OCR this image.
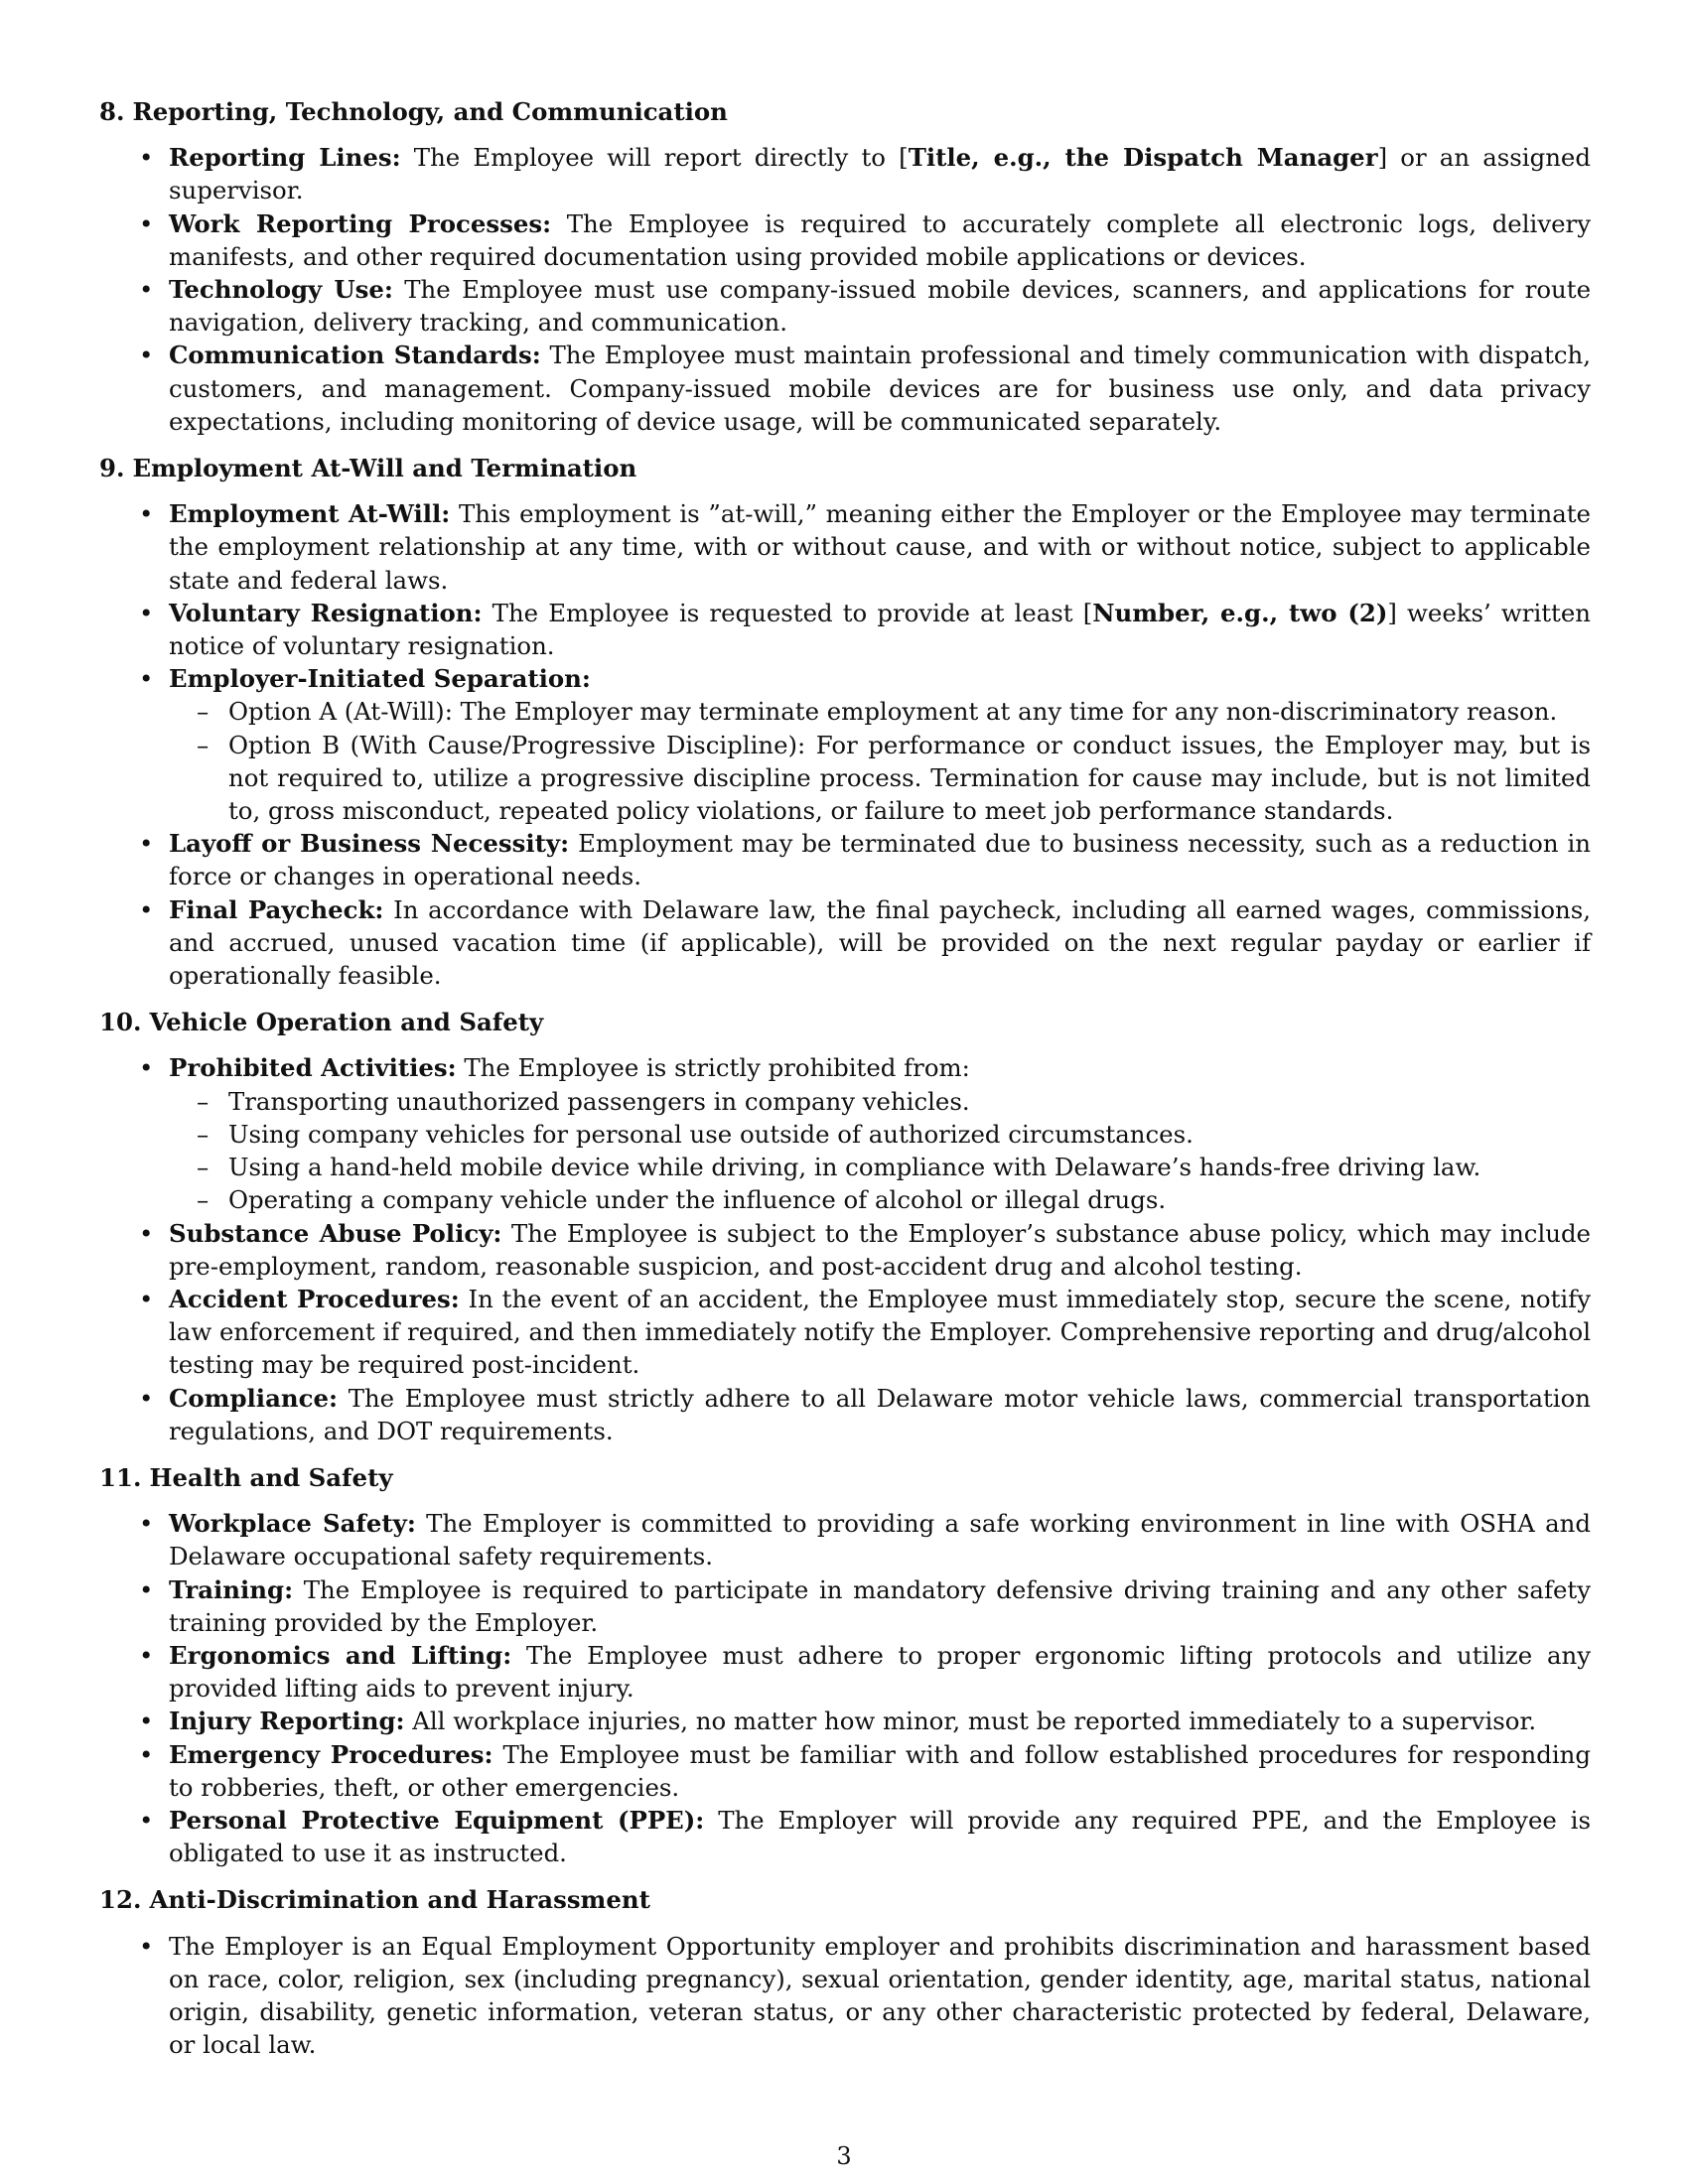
8. Reporting, Technology, and Communication
• Reporting Lines: The Employee will report directly to [Title, e.g., the Dispatch Manager] or an assigned supervisor.
• Work Reporting Processes: The Employee is required to accurately complete all electronic logs, delivery manifests, and other required documentation using provided mobile applications or devices.
• Technology Use: The Employee must use company-issued mobile devices, scanners, and applications for route navigation, delivery tracking, and communication.
• Communication Standards: The Employee must maintain professional and timely communication with dispatch, customers, and management. Company-issued mobile devices are for business use only, and data privacy expectations, including monitoring of device usage, will be communicated separately.
9. Employment At-Will and Termination
• Employment At-Will: This employment is ”at-will,” meaning either the Employer or the Employee may terminate the employment relationship at any time, with or without cause, and with or without notice, subject to applicable state and federal laws.
• Voluntary Resignation: The Employee is requested to provide at least [Number, e.g., two (2)] weeks’ written notice of voluntary resignation.
• Employer-Initiated Separation:
– Option A (At-Will): The Employer may terminate employment at any time for any non-discriminatory reason.
– Option B (With Cause/Progressive Discipline): For performance or conduct issues, the Employer may, but is not required to, utilize a progressive discipline process. Termination for cause may include, but is not limited to, gross misconduct, repeated policy violations, or failure to meet job performance standards.
• Layoff or Business Necessity: Employment may be terminated due to business necessity, such as a reduction in force or changes in operational needs.
• Final Paycheck: In accordance with Delaware law, the final paycheck, including all earned wages, commissions, and accrued, unused vacation time (if applicable), will be provided on the next regular payday or earlier if operationally feasible.
10. Vehicle Operation and Safety
• Prohibited Activities: The Employee is strictly prohibited from:
– Transporting unauthorized passengers in company vehicles.
– Using company vehicles for personal use outside of authorized circumstances.
– Using a hand-held mobile device while driving, in compliance with Delaware’s hands-free driving law.
– Operating a company vehicle under the influence of alcohol or illegal drugs.
• Substance Abuse Policy: The Employee is subject to the Employer’s substance abuse policy, which may include pre-employment, random, reasonable suspicion, and post-accident drug and alcohol testing.
• Accident Procedures: In the event of an accident, the Employee must immediately stop, secure the scene, notify law enforcement if required, and then immediately notify the Employer. Comprehensive reporting and drug/alcohol testing may be required post-incident.
• Compliance: The Employee must strictly adhere to all Delaware motor vehicle laws, commercial transportation regulations, and DOT requirements.
11. Health and Safety
• Workplace Safety: The Employer is committed to providing a safe working environment in line with OSHA and Delaware occupational safety requirements.
• Training: The Employee is required to participate in mandatory defensive driving training and any other safety training provided by the Employer.
• Ergonomics and Lifting: The Employee must adhere to proper ergonomic lifting protocols and utilize any provided lifting aids to prevent injury.
• Injury Reporting: All workplace injuries, no matter how minor, must be reported immediately to a supervisor.
• Emergency Procedures: The Employee must be familiar with and follow established procedures for responding to robberies, theft, or other emergencies.
• Personal Protective Equipment (PPE): The Employer will provide any required PPE, and the Employee is obligated to use it as instructed.
12. Anti-Discrimination and Harassment
• The Employer is an Equal Employment Opportunity employer and prohibits discrimination and harassment based on race, color, religion, sex (including pregnancy), sexual orientation, gender identity, age, marital status, national origin, disability, genetic information, veteran status, or any other characteristic protected by federal, Delaware, or local law.
3
